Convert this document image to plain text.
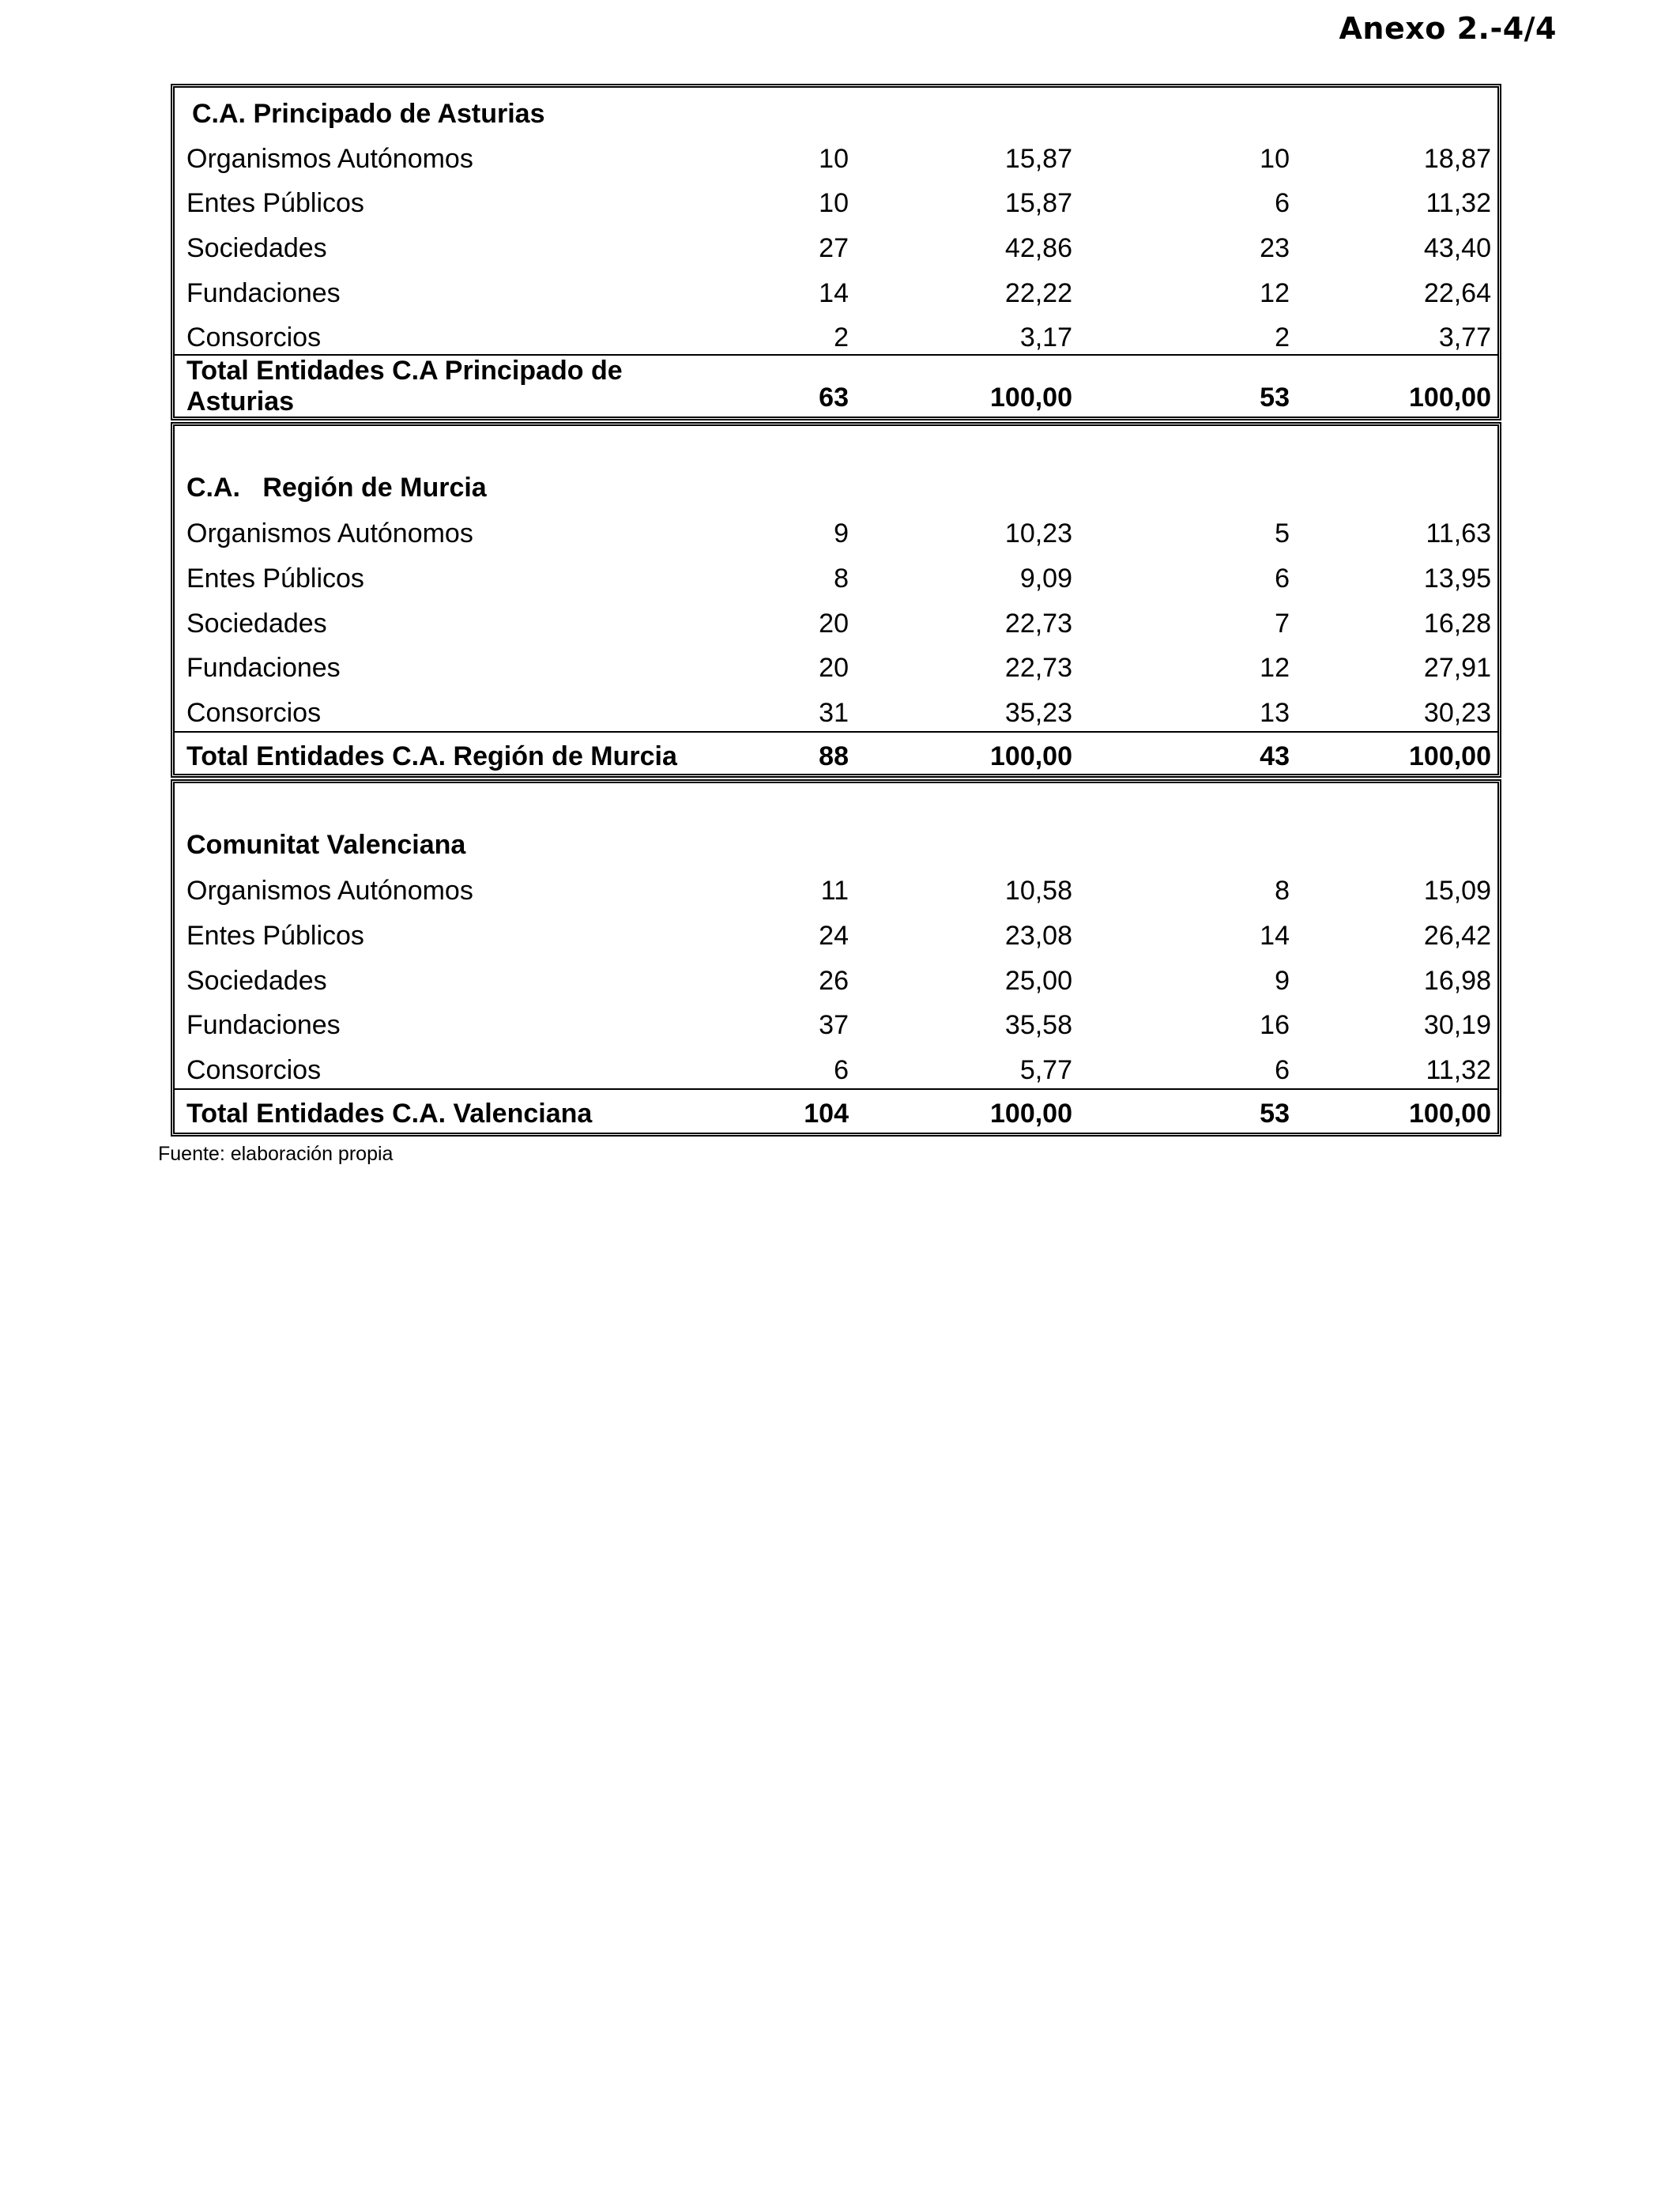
Anexo 2.-4/4
C.A. Principado de Asturias
Organismos Autónomos	10	15,87	10	18,87
Entes Públicos	10	15,87	6	11,32
Sociedades	27	42,86	23	43,40
Fundaciones	14	22,22	12	22,64
Consorcios	2	3,17	2	3,77
Total Entidades C.A Principado de
Asturias	63	100,00	53	100,00
C.A.   Región de Murcia
Organismos Autónomos	9	10,23	5	11,63
Entes Públicos	8	9,09	6	13,95
Sociedades	20	22,73	7	16,28
Fundaciones	20	22,73	12	27,91
Consorcios	31	35,23	13	30,23
Total Entidades C.A. Región de Murcia	88	100,00	43	100,00
Comunitat Valenciana
Organismos Autónomos	11	10,58	8	15,09
Entes Públicos	24	23,08	14	26,42
Sociedades	26	25,00	9	16,98
Fundaciones	37	35,58	16	30,19
Consorcios	6	5,77	6	11,32
Total Entidades C.A. Valenciana	104	100,00	53	100,00
Fuente: elaboración propia
